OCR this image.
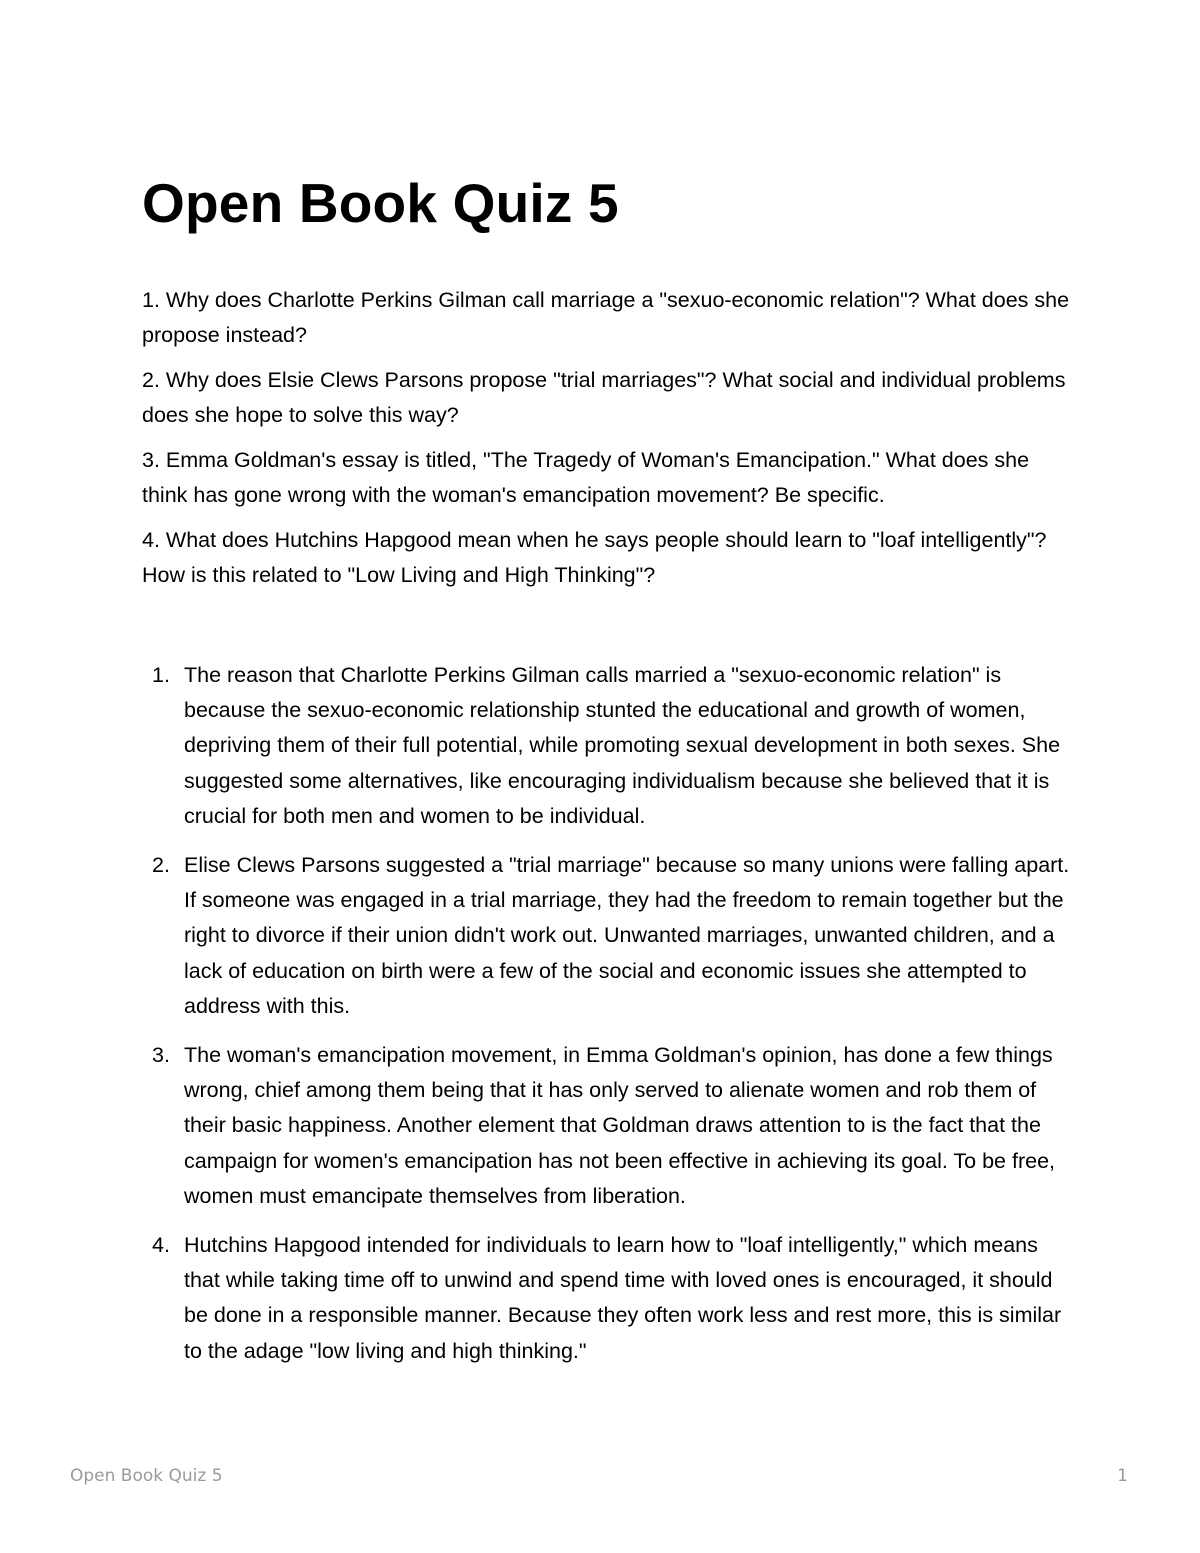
Open Book Quiz 5

1. Why does Charlotte Perkins Gilman call marriage a "sexuo-economic relation"? What does she propose instead?

2. Why does Elsie Clews Parsons propose "trial marriages"? What social and individual problems does she hope to solve this way?

3. Emma Goldman's essay is titled, "The Tragedy of Woman's Emancipation." What does she think has gone wrong with the woman's emancipation movement? Be specific.

4. What does Hutchins Hapgood mean when he says people should learn to "loaf intelligently"? How is this related to "Low Living and High Thinking"?

1. The reason that Charlotte Perkins Gilman calls married a "sexuo-economic relation" is because the sexuo-economic relationship stunted the educational and growth of women, depriving them of their full potential, while promoting sexual development in both sexes. She suggested some alternatives, like encouraging individualism because she believed that it is crucial for both men and women to be individual.
2. Elise Clews Parsons suggested a "trial marriage" because so many unions were falling apart. If someone was engaged in a trial marriage, they had the freedom to remain together but the right to divorce if their union didn't work out. Unwanted marriages, unwanted children, and a lack of education on birth were a few of the social and economic issues she attempted to address with this.
3. The woman's emancipation movement, in Emma Goldman's opinion, has done a few things wrong, chief among them being that it has only served to alienate women and rob them of their basic happiness. Another element that Goldman draws attention to is the fact that the campaign for women's emancipation has not been effective in achieving its goal. To be free, women must emancipate themselves from liberation.
4. Hutchins Hapgood intended for individuals to learn how to "loaf intelligently," which means that while taking time off to unwind and spend time with loved ones is encouraged, it should be done in a responsible manner. Because they often work less and rest more, this is similar to the adage "low living and high thinking."
Open Book Quiz 5	1
